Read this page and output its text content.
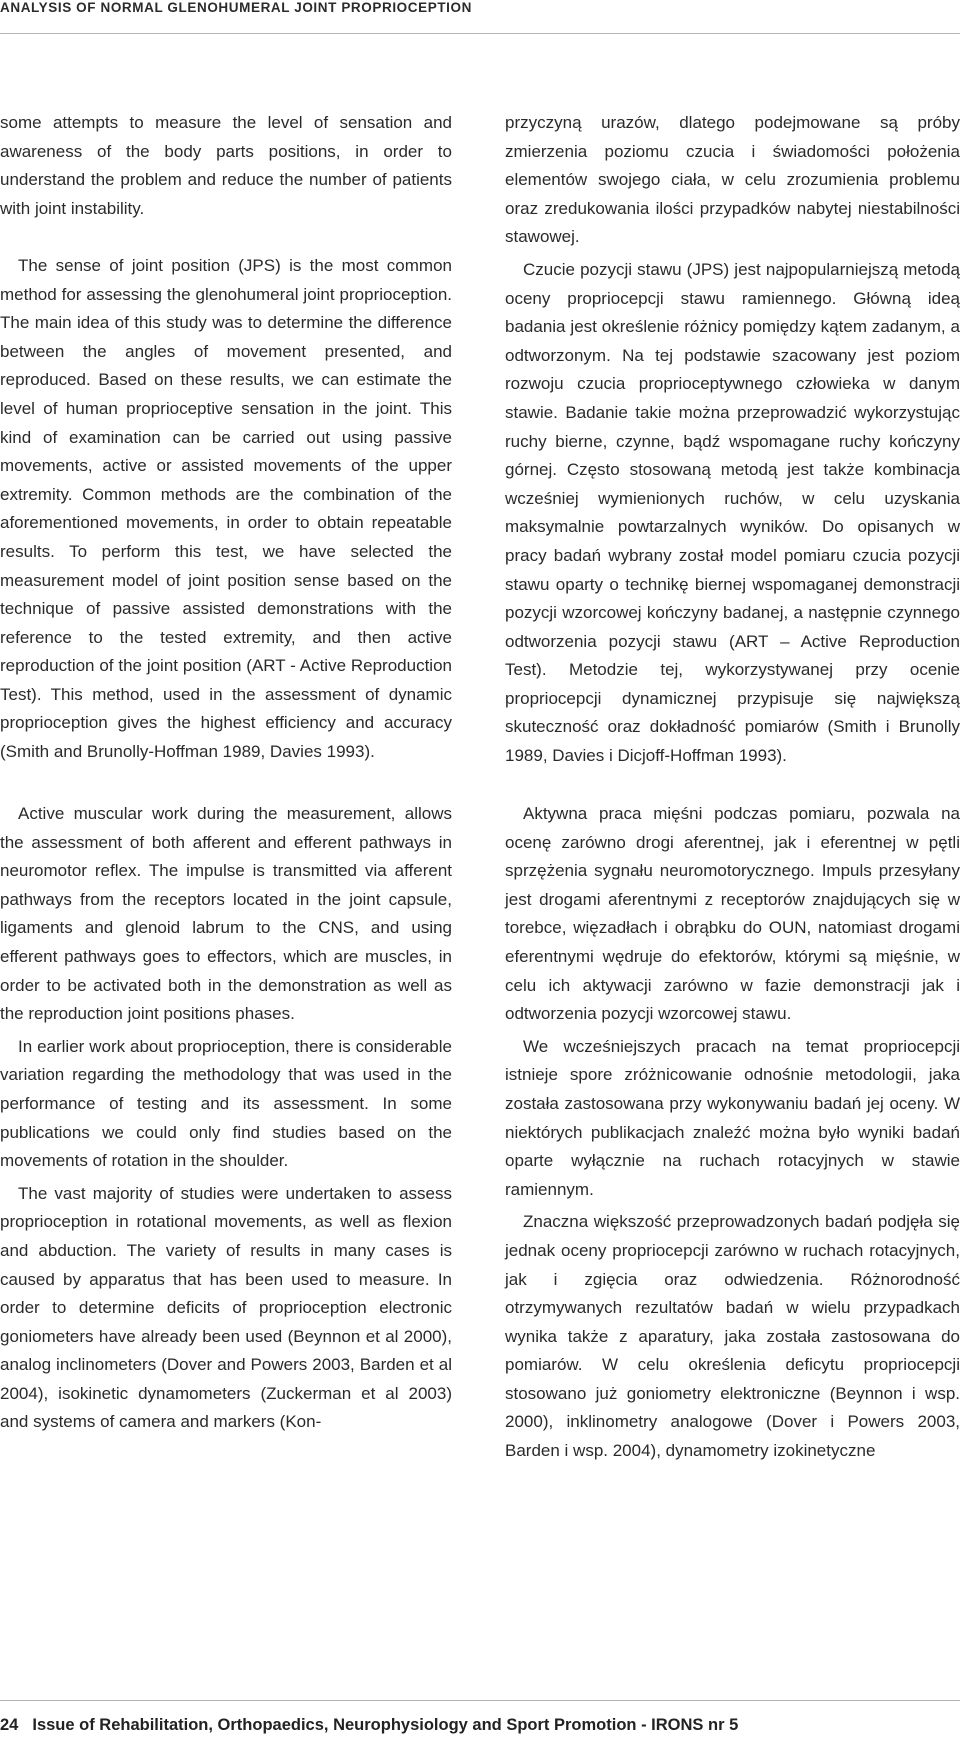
ANALYSIS OF NORMAL GLENOHUMERAL JOINT PROPRIOCEPTION

some attempts to measure the level of sensation and awareness of the body parts positions, in order to understand the problem and reduce the number of patients with joint instability.

The sense of joint position (JPS) is the most common method for assessing the glenohumeral joint proprioception. The main idea of this study was to determine the difference between the angles of movement presented, and reproduced. Based on these results, we can estimate the level of human proprioceptive sensation in the joint. This kind of examination can be carried out using passive movements, active or assisted movements of the upper extremity. Common methods are the combination of the aforementioned movements, in order to obtain repeatable results. To perform this test, we have selected the measurement model of joint position sense based on the technique of passive assisted demonstrations with the reference to the tested extremity, and then active reproduction of the joint position (ART - Active Reproduction Test). This method, used in the assessment of dynamic proprioception gives the highest efficiency and accuracy (Smith and Brunolly-Hoffman 1989, Davies 1993).

Active muscular work during the measurement, allows the assessment of both afferent and efferent pathways in neuromotor reflex. The impulse is transmitted via afferent pathways from the receptors located in the joint capsule, ligaments and glenoid labrum to the CNS, and using efferent pathways goes to effectors, which are muscles, in order to be activated both in the demonstration as well as the reproduction joint positions phases.

In earlier work about proprioception, there is considerable variation regarding the methodology that was used in the performance of testing and its assessment. In some publications we could only find studies based on the movements of rotation in the shoulder.

The vast majority of studies were undertaken to assess proprioception in rotational movements, as well as flexion and abduction. The variety of results in many cases is caused by apparatus that has been used to measure. In order to determine deficits of proprioception electronic goniometers have already been used (Beynnon et al 2000), analog inclinometers (Dover and Powers 2003, Barden et al 2004), isokinetic dynamometers (Zuckerman et al 2003) and systems of camera and markers (Kon-

przyczyną urazów, dlatego podejmowane są próby zmierzenia poziomu czucia i świadomości położenia elementów swojego ciała, w celu zrozumienia problemu oraz zredukowania ilości przypadków nabytej niestabilności stawowej.

Czucie pozycji stawu (JPS) jest najpopularniejszą metodą oceny propriocepcji stawu ramiennego. Główną ideą badania jest określenie różnicy pomiędzy kątem zadanym, a odtworzonym. Na tej podstawie szacowany jest poziom rozwoju czucia proprioceptywnego człowieka w danym stawie. Badanie takie można przeprowadzić wykorzystując ruchy bierne, czynne, bądź wspomagane ruchy kończyny górnej. Często stosowaną metodą jest także kombinacja wcześniej wymienionych ruchów, w celu uzyskania maksymalnie powtarzalnych wyników. Do opisanych w pracy badań wybrany został model pomiaru czucia pozycji stawu oparty o technikę biernej wspomaganej demonstracji pozycji wzorcowej kończyny badanej, a następnie czynnego odtworzenia pozycji stawu (ART – Active Reproduction Test). Metodzie tej, wykorzystywanej przy ocenie propriocepcji dynamicznej przypisuje się największą skuteczność oraz dokładność pomiarów (Smith i Brunolly 1989, Davies i Dicjoff-Hoffman 1993).

Aktywna praca mięśni podczas pomiaru, pozwala na ocenę zarówno drogi aferentnej, jak i eferentnej w pętli sprzężenia sygnału neuromotorycznego. Impuls przesyłany jest drogami aferentnymi z receptorów znajdujących się w torebce, więzadłach i obrąbku do OUN, natomiast drogami eferentnymi wędruje do efektorów, którymi są mięśnie, w celu ich aktywacji zarówno w fazie demonstracji jak i odtworzenia pozycji wzorcowej stawu.

We wcześniejszych pracach na temat propriocepcji istnieje spore zróżnicowanie odnośnie metodologii, jaka została zastosowana przy wykonywaniu badań jej oceny. W niektórych publikacjach znaleźć można było wyniki badań oparte wyłącznie na ruchach rotacyjnych w stawie ramiennym.

Znaczna większość przeprowadzonych badań podjęła się jednak oceny propriocepcji zarówno w ruchach rotacyjnych, jak i zgięcia oraz odwiedzenia. Różnorodność otrzymywanych rezultatów badań w wielu przypadkach wynika także z aparatury, jaka została zastosowana do pomiarów. W celu określenia deficytu propriocepcji stosowano już goniometry elektroniczne (Beynnon i wsp. 2000), inklinometry analogowe (Dover i Powers 2003, Barden i wsp. 2004), dynamometry izokinetyczne

24 Issue of Rehabilitation, Orthopaedics, Neurophysiology and Sport Promotion - IRONS nr 5
